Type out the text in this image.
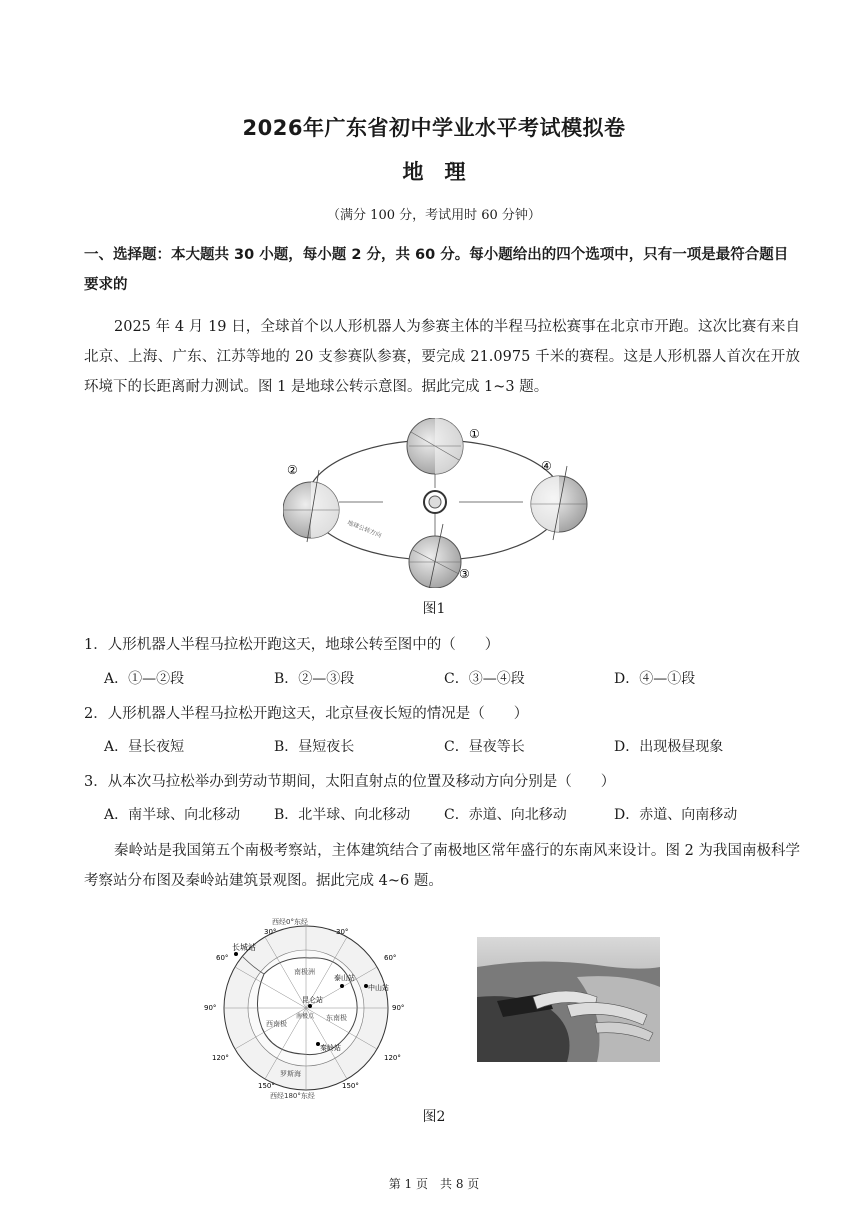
2026年广东省初中学业水平考试模拟卷
地　理
（满分 100 分，考试用时 60 分钟）
一、选择题：本大题共 30 小题，每小题 2 分，共 60 分。每小题给出的四个选项中，只有一项是最符合题目要求的
2025 年 4 月 19 日，全球首个以人形机器人为参赛主体的半程马拉松赛事在北京市开跑。这次比赛有来自北京、上海、广东、江苏等地的 20 支参赛队参赛，要完成 21.0975 千米的赛程。这是人形机器人首次在开放环境下的长距离耐力测试。图 1 是地球公转示意图。据此完成 1~3 题。
①
②
③
④
地球公转方向
图1
1．人形机器人半程马拉松开跑这天，地球公转至图中的（　　）
A．①—②段	B．②—③段	C．③—④段	D．④—①段
2．人形机器人半程马拉松开跑这天，北京昼夜长短的情况是（　　）
A．昼长夜短	B．昼短夜长	C．昼夜等长	D．出现极昼现象
3．从本次马拉松举办到劳动节期间，太阳直射点的位置及移动方向分别是（　　）
A．南半球、向北移动	B．北半球、向北移动	C．赤道、向北移动	D．赤道、向南移动
秦岭站是我国第五个南极考察站，主体建筑结合了南极地区常年盛行的东南风来设计。图 2 为我国南极科学考察站分布图及秦岭站建筑景观图。据此完成 4~6 题。
西经0°东经
西经180°东经
30°	30°
60°	60°
90°	90°
120°	120°
150°	150°
长城站
昆仑站
泰山站
中山站
秦岭站
南极点
西南极
东南极
南极洲
罗斯海
图2
第 1 页　共 8 页
